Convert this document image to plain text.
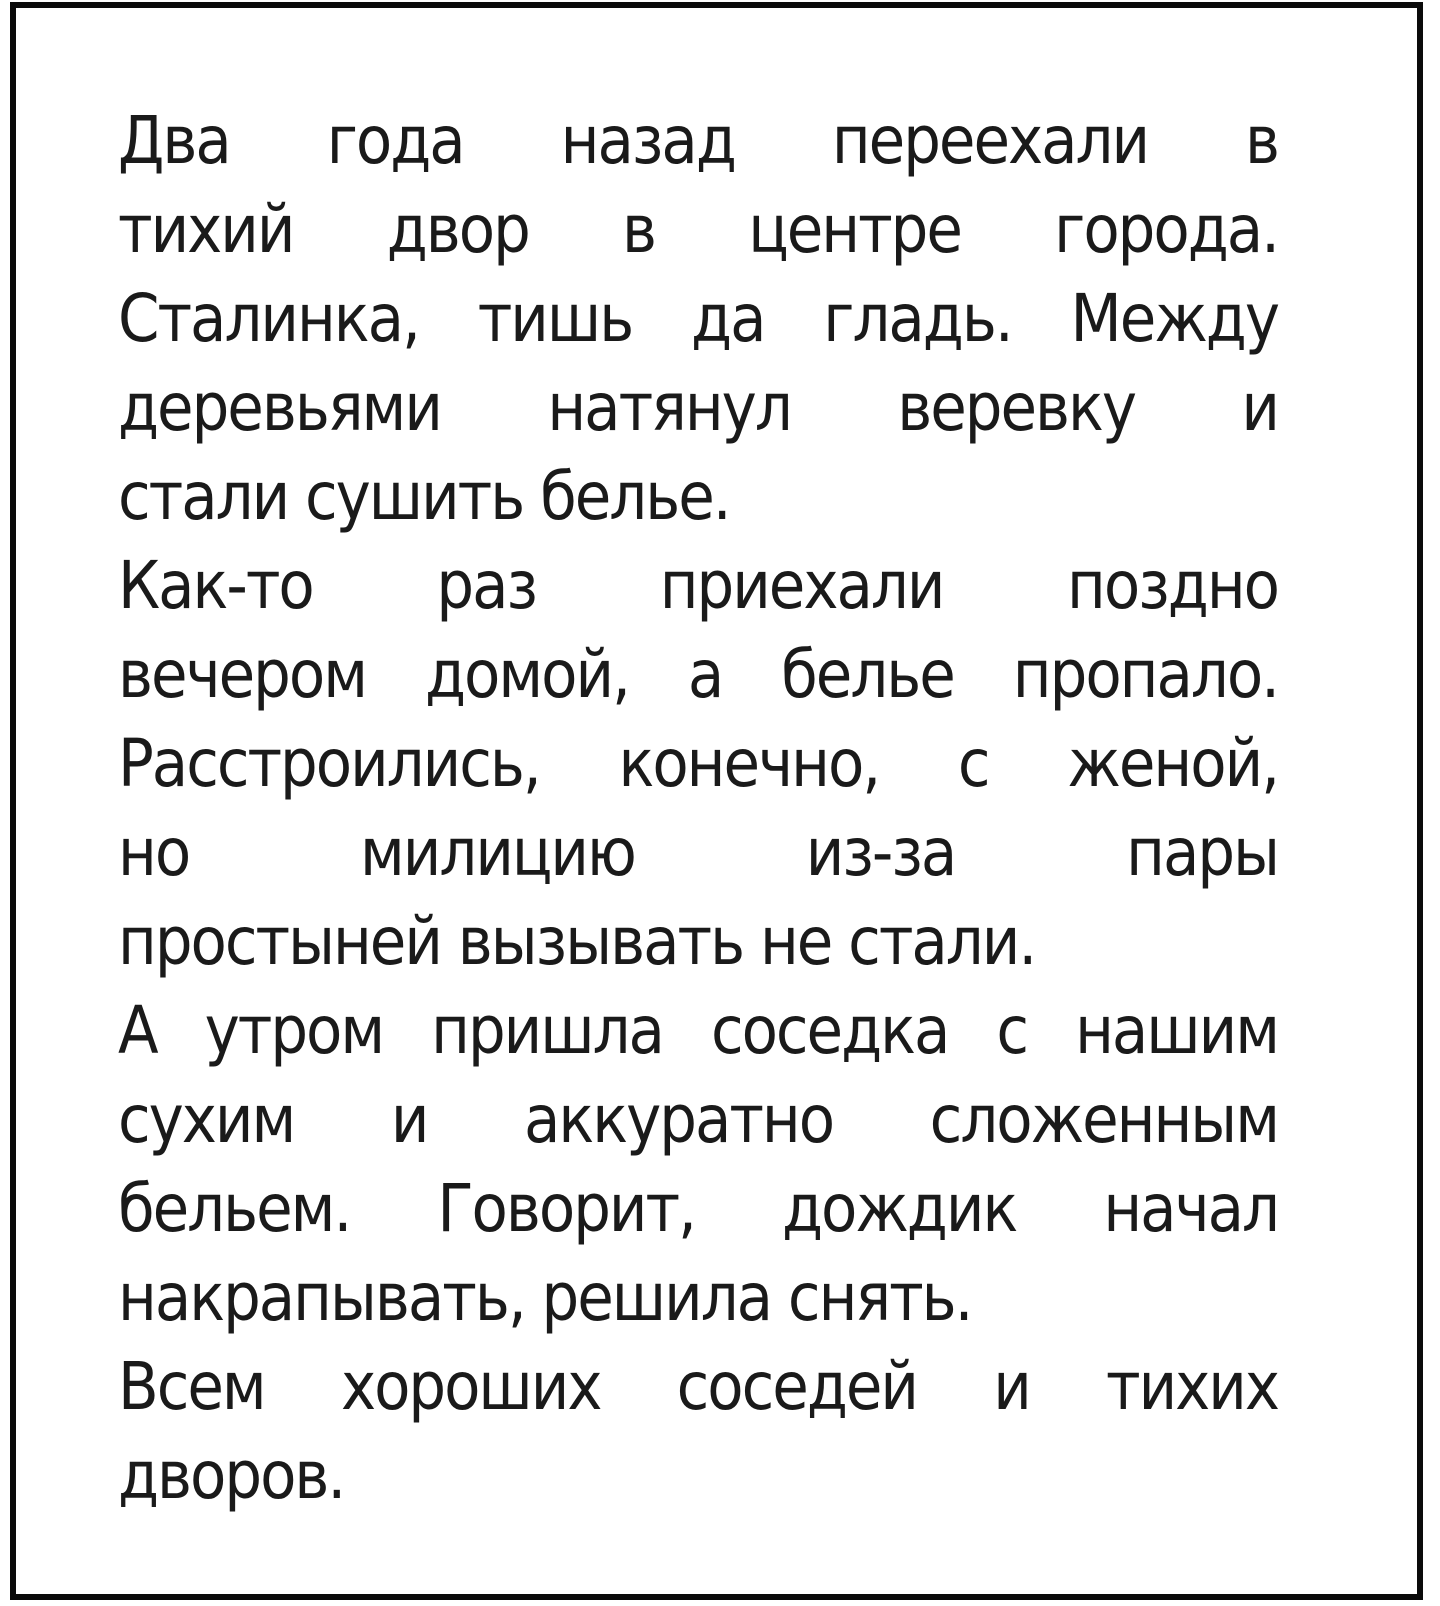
Два года назад переехали в
тихий двор в центре города.
Сталинка, тишь да гладь. Между
деревьями натянул веревку и
стали сушить белье.
Как-то раз приехали поздно
вечером домой, а белье пропало.
Расстроились, конечно, с женой,
но милицию из-за пары
простыней вызывать не стали.
А утром пришла соседка с нашим
сухим и аккуратно сложенным
бельем. Говорит, дождик начал
накрапывать, решила снять.
Всем хороших соседей и тихих
дворов.
